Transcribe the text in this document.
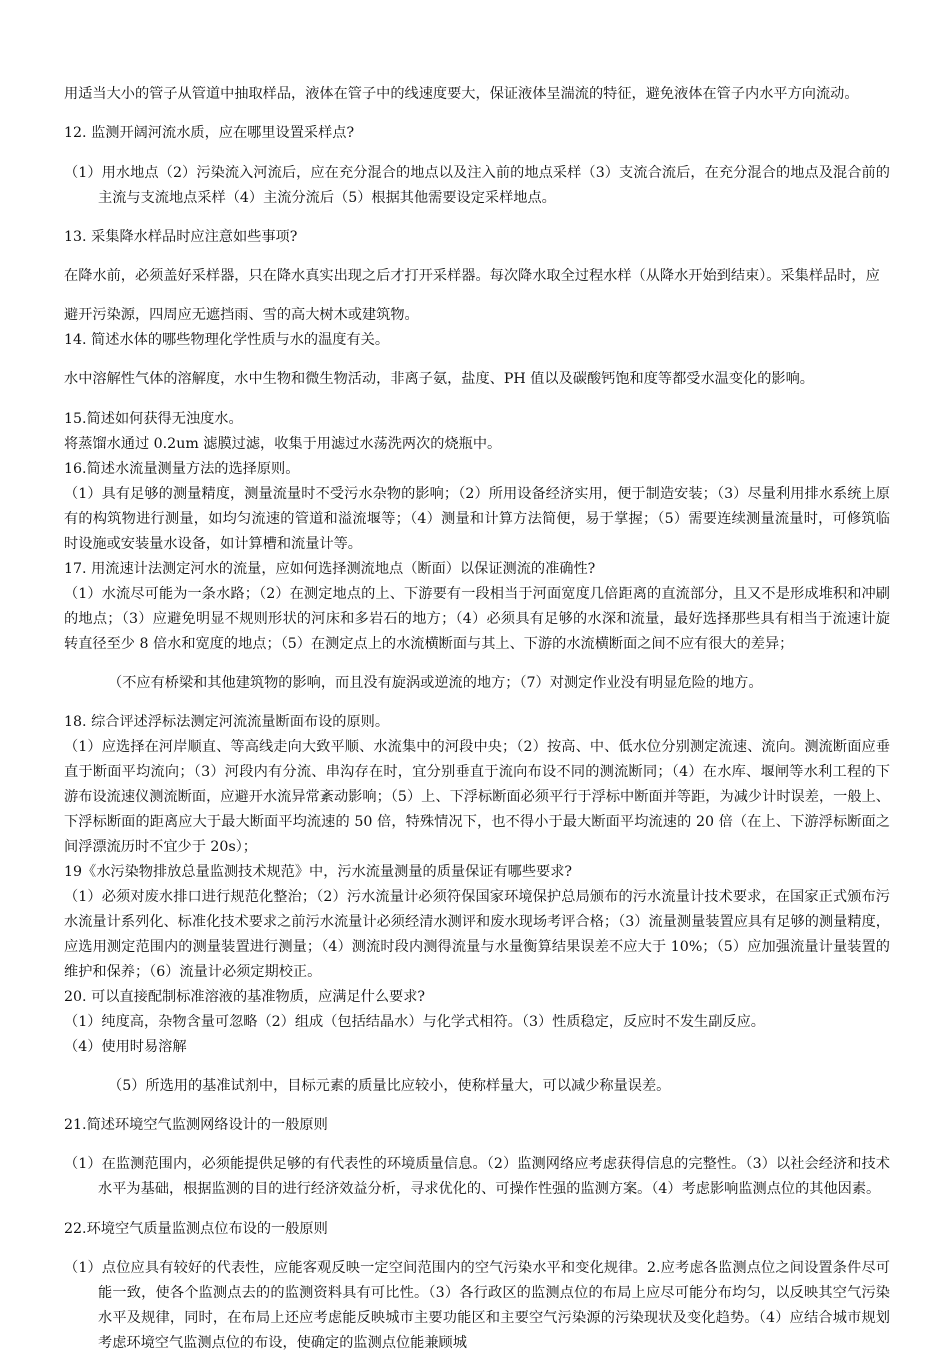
用适当大小的管子从管道中抽取样品，液体在管子中的线速度要大，保证液体呈湍流的特征，避免液体在管子内水平方向流动。

12. 监测开阔河流水质，应在哪里设置采样点?

（1）用水地点（2）污染流入河流后，应在充分混合的地点以及注入前的地点采样（3）支流合流后，在充分混合的地点及混合前的主流与支流地点采样（4）主流分流后（5）根据其他需要设定采样地点。

13. 采集降水样品时应注意如些事项?

在降水前，必须盖好采样器，只在降水真实出现之后才打开采样器。每次降水取全过程水样（从降水开始到结束）。采集样品时，应

避开污染源，四周应无遮挡雨、雪的高大树木或建筑物。

14. 简述水体的哪些物理化学性质与水的温度有关。

水中溶解性气体的溶解度，水中生物和微生物活动，非离子氨，盐度、PH 值以及碳酸钙饱和度等都受水温变化的影响。

15.简述如何获得无浊度水。

将蒸馏水通过 0.2um 滤膜过滤，收集于用滤过水荡洗两次的烧瓶中。

16.简述水流量测量方法的选择原则。

（1）具有足够的测量精度，测量流量时不受污水杂物的影响；（2）所用设备经济实用，便于制造安装；（3）尽量利用排水系统上原有的构筑物进行测量，如均匀流速的管道和溢流堰等；（4）测量和计算方法简便，易于掌握；（5）需要连续测量流量时，可修筑临时设施或安装量水设备，如计算槽和流量计等。

17. 用流速计法测定河水的流量，应如何选择测流地点（断面）以保证测流的准确性?

（1）水流尽可能为一条水路；（2）在测定地点的上、下游要有一段相当于河面宽度几倍距离的直流部分，且又不是形成堆积和冲刷的地点；（3）应避免明显不规则形状的河床和多岩石的地方；（4）必须具有足够的水深和流量，最好选择那些具有相当于流速计旋转直径至少 8 倍水和宽度的地点；（5）在测定点上的水流横断面与其上、下游的水流横断面之间不应有很大的差异；

（不应有桥梁和其他建筑物的影响，而且没有旋涡或逆流的地方；（7）对测定作业没有明显危险的地方。

18. 综合评述浮标法测定河流流量断面布设的原则。

（1）应选择在河岸顺直、等高线走向大致平顺、水流集中的河段中央；（2）按高、中、低水位分别测定流速、流向。测流断面应垂直于断面平均流向；（3）河段内有分流、串沟存在时，宜分别垂直于流向布设不同的测流断同；（4）在水库、堰闸等水利工程的下游布设流速仪测流断面，应避开水流异常紊动影响；（5）上、下浮标断面必须平行于浮标中断面并等距，为减少计时误差，一般上、下浮标断面的距离应大于最大断面平均流速的 50 倍，特殊情况下，也不得小于最大断面平均流速的 20 倍（在上、下游浮标断面之间浮漂流历时不宜少于 20s）；

19《水污染物排放总量监测技术规范》中，污水流量测量的质量保证有哪些要求?

（1）必须对废水排口进行规范化整治；（2）污水流量计必须符保国家环境保护总局颁布的污水流量计技术要求，在国家正式颁布污水流量计系列化、标准化技术要求之前污水流量计必须经清水测评和废水现场考评合格；（3）流量测量装置应具有足够的测量精度，应选用测定范围内的测量装置进行测量；（4）测流时段内测得流量与水量衡算结果误差不应大于 10%；（5）应加强流量计量装置的维护和保养；（6）流量计必须定期校正。

20. 可以直接配制标准溶液的基准物质，应满足什么要求?

（1）纯度高，杂物含量可忽略（2）组成（包括结晶水）与化学式相符。（3）性质稳定，反应时不发生副反应。

（4）使用时易溶解

（5）所选用的基准试剂中，目标元素的质量比应较小，使称样量大，可以减少称量误差。

21.简述环境空气监测网络设计的一般原则

（1）在监测范围内，必须能提供足够的有代表性的环境质量信息。（2）监测网络应考虑获得信息的完整性。（3）以社会经济和技术水平为基础，根据监测的目的进行经济效益分析，寻求优化的、可操作性强的监测方案。（4）考虑影响监测点位的其他因素。

22.环境空气质量监测点位布设的一般原则

（1）点位应具有较好的代表性，应能客观反映一定空间范围内的空气污染水平和变化规律。2.应考虑各监测点位之间设置条件尽可能一致，使各个监测点去的的监测资料具有可比性。（3）各行政区的监测点位的布局上应尽可能分布均匀，以反映其空气污染水平及规律，同时，在布局上还应考虑能反映城市主要功能区和主要空气污染源的污染现状及变化趋势。（4）应结合城市规划考虑环境空气监测点位的布设，使确定的监测点位能兼顾城
